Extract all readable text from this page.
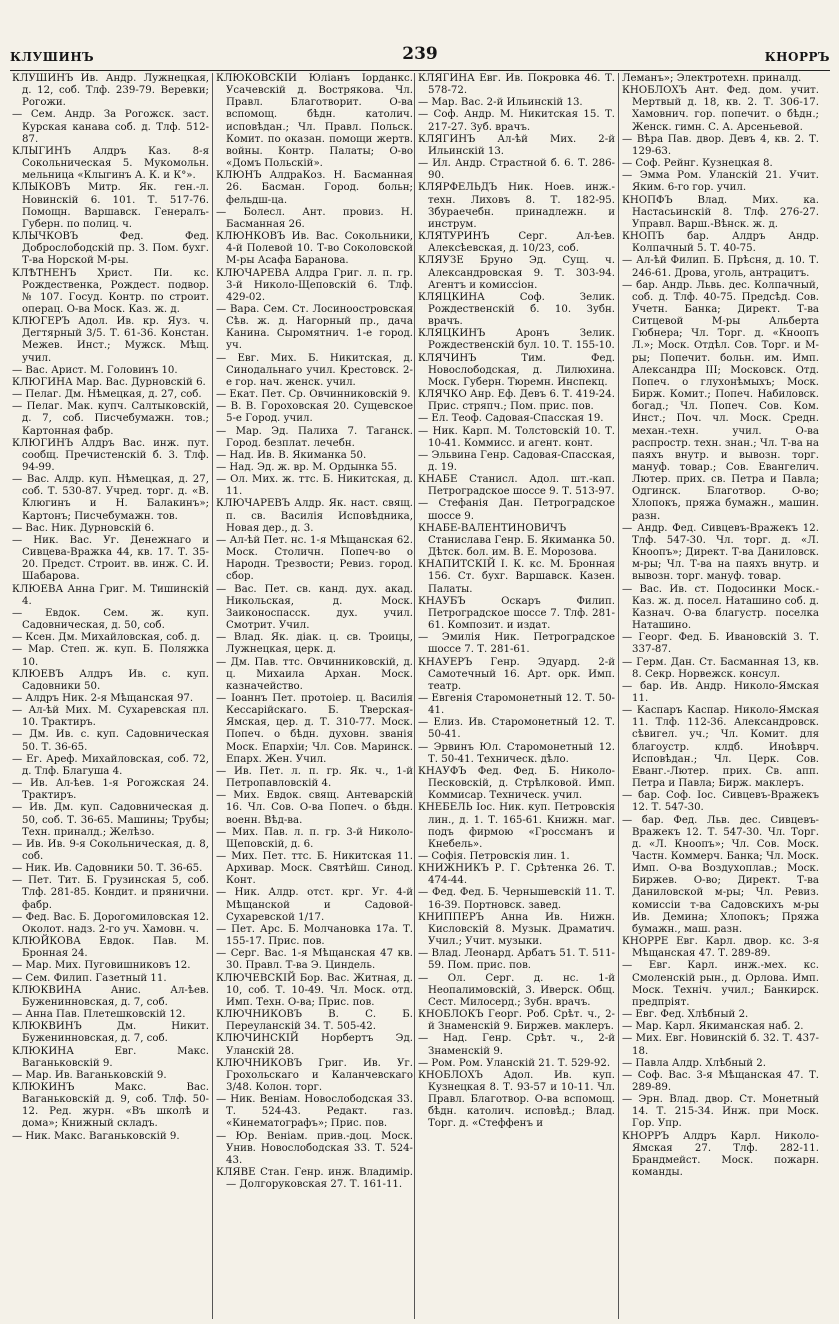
КЛУШИНЪ	239	КНОРРЪ
КЛУШИНЪ Ив. Андр. Лужнецкая, д. 12, соб. Тлф. 239-79. Веревки; Рогожи.
— Сем. Андр. За Рогожск. заст. Курская канава соб. д. Тлф. 512-87.
КЛЫГИНЪ Алдръ Каз. 8-я Сокольническая 5. Мукомольн. мельница «Клыгинъ А. К. и К°».
КЛЫКОВЪ Митр. Як. ген.-л. Новинскій 6. 101. Т. 517-76. Помощн. Варшавск. Генералъ-Губерн. по полиц. ч.
КЛЫЧКОВЪ Фед. Фед. Доброслободскій пр. 3. Пом. бухг. Т-ва Норской М-ры.
КЛѢТНЕНЪ Христ. Пи. кс. Рождественка, Рождест. подвор. № 107. Госуд. Контр. по строит. операц. О-ва Моск. Каз. ж. д.
КЛЮГЕРЪ Адол. Ив. кр. Яуз. ч. Дегтярный 3/5. Т. 61-36. Констан. Межев. Инст.; Мужск. Мѣщ. учил.
— Вас. Арист. М. Головинъ 10.
КЛЮГИНА Мар. Вас. Дурновскій 6.
— Пелаг. Дм. Нѣмецкая, д. 27, соб.
— Пелаг. Мак. купч. Салтыковскій, д. 7, соб. Писчебумажн. тов.; Картонная фабр.
КЛЮГИНЪ Алдръ Вас. инж. пут. сообщ. Пречистенскій б. 3. Тлф. 94-99.
— Вас. Алдр. куп. Нѣмецкая, д. 27, соб. Т. 530-87. Учред. торг. д. «В. Клюгинъ и Н. Балакинъ»; Картонъ; Писчебумажн. тов.
— Вас. Ник. Дурновскій 6.
— Ник. Вас. Уг. Денежнаго и Сивцева-Вражка 44, кв. 17. Т. 35-20. Предст. Строит. вв. инж. С. И. Шабарова.
КЛЮЕВА Анна Григ. М. Тишинскій 4.
— Евдок. Сем. ж. куп. Садовническая, д. 50, соб.
— Ксен. Дм. Михайловская, соб. д.
— Мар. Степ. ж. куп. Б. Поляжка 10.
КЛЮЕВЪ Алдръ Ив. с. куп. Садовники 50.
— Алдръ Ник. 2-я Мѣщанская 97.
— Ал-ѣй Мих. М. Сухаревская пл. 10. Трактиръ.
— Дм. Ив. с. куп. Садовническая 50. Т. 36-65.
— Ег. Ареф. Михайловская, соб. 72, д. Тлф. Благуша 4.
— Ив. Ал-ѣев. 1-я Рогожская 24. Трактиръ.
— Ив. Дм. куп. Садовническая д. 50, соб. Т. 36-65. Машины; Трубы; Техн. приналд.; Желѣзо.
— Ив. Ив. 9-я Сокольническая, д. 8, соб.
— Ник. Ив. Садовники 50. Т. 36-65.
— Пет. Тит. Б. Грузинская 5, соб. Тлф. 281-85. Кондит. и прянични. фабр.
— Фед. Вас. Б. Дорогомиловская 12. Околот. надз. 2-го уч. Хамовн. ч.
КЛЮЙКОВА Евдок. Пав. М. Бронная 24.
— Мар. Мих. Пуговишниковъ 12.
— Сем. Филип. Газетный 11.
КЛЮКВИНА Анис. Ал-ѣев. Буженинновская, д. 7, соб.
— Анна Пав. Плетешковскій 12.
КЛЮКВИНЪ Дм. Никит. Буженинновская, д. 7, соб.
КЛЮКИНА Евг. Макс. Ваганьковскій 9.
— Мар. Ив. Ваганьковскій 9.
КЛЮКИНЪ Макс. Вас. Ваганьковскій д. 9, соб. Тлф. 50-12. Ред. журн. «Въ школѣ и дома»; Книжный складъ.
— Ник. Макс. Ваганьковскій 9.
КЛЮКОВСКІЙ Юліанъ Іорданкс. Усачевскій д. Вострякова. Чл. Правл. Благотворит. О-ва вспомощ. бѣдн. католич. исповѣдан.; Чл. Правл. Польск. Комит. по оказан. помощи жертв. войны. Контр. Палаты; О-во «Домъ Польскій».
КЛЮНЪ АлдраКоз. Н. Басманная 26. Басман. Город. больн; фельдш-ца.
— Болесл. Ант. провиз. Н. Басманная 26.
КЛЮНКОВЪ Ив. Вас. Сокольники, 4-й Полевой 10. Т-во Соколовской М-ры Асафа Баранова.
КЛЮЧАРЕВА Алдра Григ. л. п. гр. 3-й Николо-Щеповскій 6. Тлф. 429-02.
— Вара. Сем. Ст. Лосиноостровская Сѣв. ж. д. Нагорный пр., дача Канина. Сыромятнич. 1-е город. уч.
— Евг. Мих. Б. Никитская, д. Синодальнаго учил. Крестовск. 2-е гор. нач. женск. учил.
— Екат. Пет. Ср. Овчинниковскій 9.
— В. В. Гороховская 20. Сущевское 5-е Город. учил.
— Мар. Эд. Палиха 7. Таганск. Город. безплат. лечебн.
— Над. Ив. В. Якиманка 50.
— Над. Эд. ж. вр. М. Ордынка 55.
— Ол. Мих. ж. ттс. Б. Никитская, д. 11.
КЛЮЧАРЕВЪ Алдр. Як. наст. свящ. п. св. Василія Исповѣдника, Новая дер., д. 3.
— Ал-ѣй Пет. нс. 1-я Мѣщанская 62. Моск. Столичн. Попеч-во о Народн. Трезвости; Ревиз. город. сбор.
— Вас. Пет. св. канд. дух. акад. Никольская, д. Моск. Заиконоспасск. дух. учил. Смотрит. Учил.
— Влад. Як. діак. ц. св. Троицы, Лужнецкая, церк. д.
— Дм. Пав. ттс. Овчинниковскій, д. ц. Михаила Архан. Моск. казначейство.
— Іоаннъ Пет. протоіер. ц. Василія Кессарійскаго. Б. Тверская-Ямская, цер. д. Т. 310-77. Моск. Попеч. о бѣдн. духовн. званія Моск. Епархіи; Чл. Сов. Маринск. Епарх. Жен. Учил.
— Ив. Пет. л. п. гр. Як. ч., 1-й Петропавловскій 4.
— Мих. Евдок. свящ. Антеварскій 16. Чл. Сов. О-ва Попеч. о бѣдн. военн. Вѣд-ва.
— Мих. Пав. л. п. гр. 3-й Николо-Щеповскій, д. 6.
— Мих. Пет. ттс. Б. Никитская 11. Архивар. Моск. Святѣйш. Синод. Конт.
— Ник. Алдр. отст. крг. Уг. 4-й Мѣщанской и Садовой-Сухаревской 1/17.
— Пет. Арс. Б. Молчановка 17а. Т. 155-17. Прис. пов.
— Серг. Вас. 1-я Мѣщанская 47 кв. 30. Правл. Т-ва Э. Циндель.
КЛЮЧЕВСКІЙ Бор. Вас. Житная, д. 10, соб. Т. 10-49. Чл. Моск. отд. Имп. Техн. О-ва; Прис. пов.
КЛЮЧНИКОВЪ В. С. Б. Переуланскій 34. Т. 505-42.
КЛЮЧИНСКІЙ Норбертъ Эд. Уланскій 28.
КЛЮЧНИКОВЪ Григ. Ив. Уг. Грохольскаго и Каланчевскаго 3/48. Колон. торг.
— Ник. Веніам. Новослободская 33. Т. 524-43. Редакт. газ. «Кинематографъ»; Прис. пов.
— Юр. Веніам. прив.-доц. Моск. Унив. Новослободская 33. Т. 524-43.
КЛЯВЕ Стан. Генр. инж. Владимір. — Долгоруковская 27. Т. 161-11.
КЛЯГИНА Евг. Ив. Покровка 46. Т. 578-72.
— Мар. Вас. 2-й Ильинскій 13.
— Соф. Андр. М. Никитская 15. Т. 217-27. Зуб. врачъ.
КЛЯГИНЪ Ал-ѣй Мих. 2-й Ильинскій 13.
— Ил. Андр. Страстной б. 6. Т. 286-90.
КЛЯРФЕЛЬДЪ Ник. Ноев. инж.-техн. Лиховъ 8. Т. 182-95. Збураечебн. принадлежн. и инструм.
КЛЯТУРИНЪ Серг. Ал-ѣев. Алексѣевская, д. 10/23, соб.
КЛЯУЗЕ Бруно Эд. Сущ. ч. Александровская 9. Т. 303-94. Агентъ и комиссіон.
КЛЯЦКИНА Соф. Зелик. Рождественскій б. 10. Зубн. врачъ.
КЛЯЦКИНЪ Аронъ Зелик. Рождественскій бул. 10. Т. 155-10.
КЛЯЧИНЪ Тим. Фед. Новослободская, д. Лилюхина. Моск. Губерн. Тюремн. Инспекц.
КЛЯЧКО Анр. Еф. Девъ 6. Т. 419-24. Прис. стряпч.; Пом. прис. пов.
— Ел. Теоф. Садовая-Спасская 19.
— Ник. Карп. М. Толстовскій 10. Т. 10-41. Коммисс. и агент. конт.
— Эльвина Генр. Садовая-Спасская, д. 19.
КНАБЕ Станисл. Адол. шт.-кап. Петроградское шоссе 9. Т. 513-97.
— Стефанія Дан. Петроградское шоссе 9.
КНАБЕ-ВАЛЕНТИНОВИЧЪ Станислава Генр. Б. Якиманка 50. Дѣтск. бол. им. В. Е. Морозова.
КНАПИТСКІЙ І. К. кс. М. Бронная 156. Ст. бухг. Варшавск. Казен. Палаты.
КНАУБЪ Оскаръ Филип. Петроградское шоссе 7. Тлф. 281-61. Композит. и издат.
— Эмилія Ник. Петроградское шоссе 7. Т. 281-61.
КНАУЕРЪ Генр. Эдуард. 2-й Самотечный 16. Арт. орк. Имп. театр.
— Евгенія Старомонетный 12. Т. 50-41.
— Елиз. Ив. Старомонетный 12. Т. 50-41.
— Эрвинъ Юл. Старомонетный 12. Т. 50-41. Техническ. дѣло.
КНАУФЪ Фед. Фед. Б. Николо-Песковскій, д. Стрѣлковой. Имп. Коммисар. Техническ. учил.
КНЕБЕЛЬ Іос. Ник. куп. Петровскія лин., д. 1. Т. 165-61. Книжн. маг. подъ фирмою «Гроссманъ и Кнебель».
— Софія. Петровскія лин. 1.
КНИЖНИКЪ Р. Г. Срѣтенка 26. Т. 474-44.
— Фед. Фед. Б. Чернышевскій 11. Т. 16-39. Портновск. завед.
КНИППЕРЪ Анна Ив. Нижн. Кисловскій 8. Музык. Драматич. Учил.; Учит. музыки.
— Влад. Леонард. Арбатъ 51. Т. 511-59. Пом. прис. пов.
— Ол. Серг. д. нс. 1-й Неопалимовскій, 3. Иверск. Общ. Сест. Милосерд.; Зубн. врачъ.
КНОБЛОКЪ Георг. Роб. Срѣт. ч., 2-й Знаменскій 9. Биржев. маклеръ.
— Над. Генр. Срѣт. ч., 2-й Знаменскій 9.
— Ром. Ром. Уланскій 21. Т. 529-92.
КНОБЛОХЪ Адол. Ив. куп. Кузнецкая 8. Т. 93-57 и 10-11. Чл. Правл. Благотвор. О-ва вспомощ. бѣдн. католич. исповѣд.; Влад. Торг. д. «Стеффенъ и
Леманъ»; Электротехн. приналд.
КНОБЛОХЪ Ант. Фед. дом. учит. Мертвый д. 18, кв. 2. Т. 306-17. Хамовнич. гор. попечит. о бѣдн.; Женск. гимн. С. А. Арсеньевой.
— Вѣра Пав. двор. Девъ 4, кв. 2. Т. 129-63.
— Соф. Рейнг. Кузнецкая 8.
— Эмма Ром. Уланскій 21. Учит. Яким. 6-го гор. учил.
КНОПФЪ Влад. Мих. ка. Настасьинскій 8. Тлф. 276-27. Управл. Варш.-Вѣнск. ж. д.
КНОПЪ бар. Алдръ Андр. Колпачный 5. Т. 40-75.
— Ал-ѣй Филип. Б. Прѣсня, д. 10. Т. 246-61. Дрова, уголь, антрацитъ.
— бар. Андр. Львь. дес. Колпачный, соб. д. Тлф. 40-75. Предсѣд. Сов. Учетн. Банка; Директ. Т-ва Ситцевой М-ры Альберта Гюбнера; Чл. Торг. д. «Кноопъ Л.»; Моск. Отдѣл. Сов. Торг. и М-ры; Попечит. больн. им. Имп. Александра III; Московск. Отд. Попеч. о глухонѣмыхъ; Моск. Бирж. Комит.; Попеч. Набиловск. богад.; Чл. Попеч. Сов. Ком. Инст.; Поч. чл. Моск. Средн. механ.-техн. учил. О-ва распростр. техн. знан.; Чл. Т-ва на паяхъ внутр. и вывозн. торг. мануф. товар.; Сов. Евангелич. Лютер. прих. св. Петра и Павла; Одгинск. Благотвор. О-во; Хлопокъ, пряжа бумажн., машин. разн.
— Андр. Фед. Сивцевъ-Вражекъ 12. Тлф. 547-30. Чл. торг. д. «Л. Кноопъ»; Директ. Т-ва Даниловск. м-ры; Чл. Т-ва на паяхъ внутр. и вывозн. торг. мануф. товар.
— Вас. Ив. ст. Подосинки Моск.-Каз. ж. д. посел. Наташино соб. д. Казнач. О-ва благустр. поселка Наташино.
— Георг. Фед. Б. Ивановскій 3. Т. 337-87.
— Герм. Дан. Ст. Басманная 13, кв. 8. Секр. Норвежск. консул.
— бар. Ив. Андр. Николо-Ямская 11.
— Каспаръ Каспар. Николо-Ямская 11. Тлф. 112-36. Александровск. сѣвигел. уч.; Чл. Комит. для благоустр. клдб. Иноѣврч. Исповѣдан.; Чл. Церк. Сов. Еванг.-Лютер. прих. Св. апп. Петра и Павла; Бирж. маклеръ.
— бар. Соф. Іос. Сивцевъ-Вражекъ 12. Т. 547-30.
— бар. Фед. Льв. дес. Сивцевъ-Вражекъ 12. Т. 547-30. Чл. Торг. д. «Л. Кноопъ»; Чл. Сов. Моск. Частн. Коммерч. Банка; Чл. Моск. Имп. О-ва Воздухоплав.; Моск. Биржев. О-во; Директ. Т-ва Даниловской м-ры; Чл. Ревиз. комиссіи т-ва Садовскихъ м-ры Ив. Демина; Хлопокъ; Пряжа бумажн., маш. разн.
КНОРРЕ Евг. Карл. двор. кс. 3-я Мѣщанская 47. Т. 289-89.
— Евг. Карл. инж.-мех. кс. Смоленскій рын., д. Орлова. Имп. Моск. Техніч. учил.; Банкирск. предпріят.
— Евг. Фед. Хлѣбный 2.
— Мар. Карл. Якиманская наб. 2.
— Мих. Евг. Новинскій б. 32. Т. 437-18.
— Павла Алдр. Хлѣбный 2.
— Соф. Вас. 3-я Мѣщанская 47. Т. 289-89.
— Эрн. Влад. двор. Ст. Монетный 14. Т. 215-34. Инж. при Моск. Гор. Упр.
КНОРРЪ Алдръ Карл. Николо-Ямская 27. Тлф. 282-11. Брандмейст. Моск. пожарн. команды.
